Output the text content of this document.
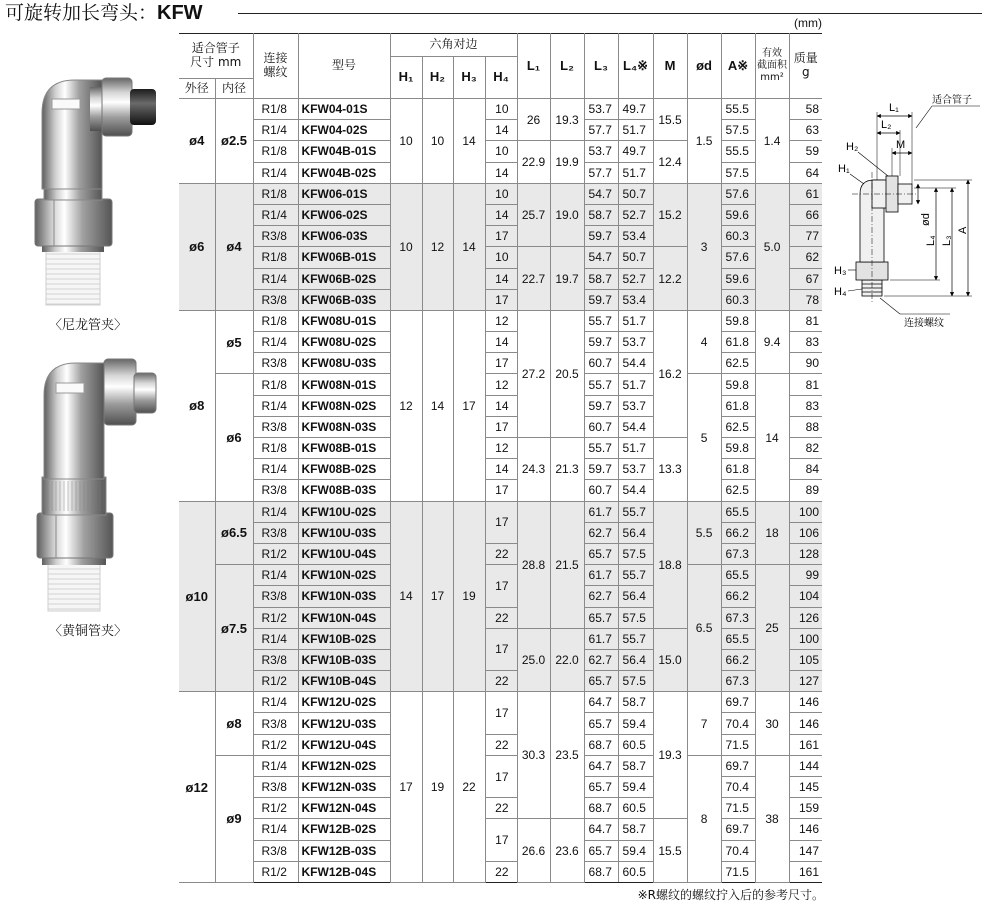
可旋转加长弯头：KFW	(mm)
〈尼龙管夹〉
〈黄铜管夹〉
适合管子
尺寸 mm		连接
螺纹	型号	六角对边				L₁	L₂	L₃	L₄※	M	ød	A※	有效
截面积
mm²	质量
g
				H₁	H₂	H₃	H₄									
外径	内径															
ø4	ø2.5	R1/8	KFW04-01S	10	10	14	10	26	19.3	53.7	49.7	15.5	1.5	55.5	1.4	58
		R1/4	KFW04-02S				14			57.7	51.7			57.5		63
		R1/8	KFW04B-01S				10	22.9	19.9	53.7	49.7	12.4		55.5		59
		R1/4	KFW04B-02S				14			57.7	51.7			57.5		64
ø6	ø4	R1/8	KFW06-01S	10	12	14	10	25.7	19.0	54.7	50.7	15.2	3	57.6	5.0	61
		R1/4	KFW06-02S				14			58.7	52.7			59.6		66
		R3/8	KFW06-03S				17			59.7	53.4			60.3		77
		R1/8	KFW06B-01S				10	22.7	19.7	54.7	50.7	12.2		57.6		62
		R1/4	KFW06B-02S				14			58.7	52.7			59.6		67
		R3/8	KFW06B-03S				17			59.7	53.4			60.3		78
ø8	ø5	R1/8	KFW08U-01S	12	14	17	12	27.2	20.5	55.7	51.7	16.2	4	59.8	9.4	81
		R1/4	KFW08U-02S				14			59.7	53.7			61.8		83
		R3/8	KFW08U-03S				17			60.7	54.4			62.5		90
	ø6	R1/8	KFW08N-01S				12			55.7	51.7		5	59.8	14	81
		R1/4	KFW08N-02S				14			59.7	53.7			61.8		83
		R3/8	KFW08N-03S				17			60.7	54.4			62.5		88
		R1/8	KFW08B-01S				12	24.3	21.3	55.7	51.7	13.3		59.8		82
		R1/4	KFW08B-02S				14			59.7	53.7			61.8		84
		R3/8	KFW08B-03S				17			60.7	54.4			62.5		89
ø10	ø6.5	R1/4	KFW10U-02S	14	17	19	17	28.8	21.5	61.7	55.7	18.8	5.5	65.5	18	100
		R3/8	KFW10U-03S							62.7	56.4			66.2		106
		R1/2	KFW10U-04S				22			65.7	57.5			67.3		128
	ø7.5	R1/4	KFW10N-02S				17			61.7	55.7		6.5	65.5	25	99
		R3/8	KFW10N-03S							62.7	56.4			66.2		104
		R1/2	KFW10N-04S				22			65.7	57.5			67.3		126
		R1/4	KFW10B-02S				17	25.0	22.0	61.7	55.7	15.0		65.5		100
		R3/8	KFW10B-03S							62.7	56.4			66.2		105
		R1/2	KFW10B-04S				22			65.7	57.5			67.3		127
ø12	ø8	R1/4	KFW12U-02S	17	19	22	17	30.3	23.5	64.7	58.7	19.3	7	69.7	30	146
		R3/8	KFW12U-03S							65.7	59.4			70.4		146
		R1/2	KFW12U-04S				22			68.7	60.5			71.5		161
	ø9	R1/4	KFW12N-02S				17			64.7	58.7		8	69.7	38	144
		R3/8	KFW12N-03S							65.7	59.4			70.4		145
		R1/2	KFW12N-04S				22			68.7	60.5			71.5		159
		R1/4	KFW12B-02S				17	26.6	23.6	64.7	58.7	15.5		69.7		146
		R3/8	KFW12B-03S							65.7	59.4			70.4		147
		R1/2	KFW12B-04S				22			68.7	60.5			71.5		161
适合管子
L₁
L₂
H₂	M
H₁
ød
L₄ L₃
A
H₃
H₄
连接螺纹
※R螺纹的螺纹拧入后的参考尺寸。
